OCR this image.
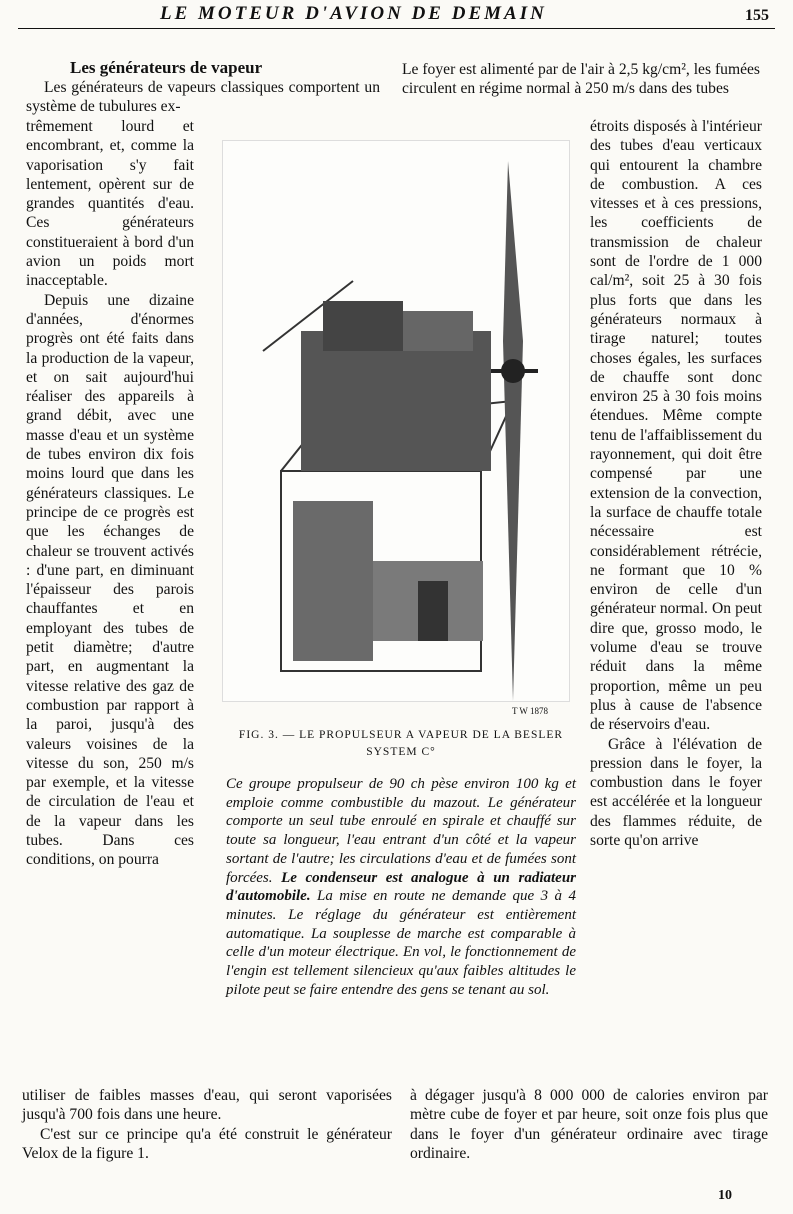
LE MOTEUR D'AVION DE DEMAIN	155
Les générateurs de vapeur

Les générateurs de vapeurs classiques comportent un système de tubulures ex-

trêmement lourd et encombrant, et, comme la vaporisation s'y fait lentement, opèrent sur de grandes quantités d'eau. Ces générateurs constitueraient à bord d'un avion un poids mort inacceptable.

Depuis une dizaine d'années, d'énormes progrès ont été faits dans la production de la vapeur, et on sait aujourd'hui réaliser des appareils à grand débit, avec une masse d'eau et un système de tubes environ dix fois moins lourd que dans les générateurs classiques. Le principe de ce progrès est que les échanges de chaleur se trouvent activés : d'une part, en diminuant l'épaisseur des parois chauffantes et en employant des tubes de petit diamètre; d'autre part, en augmentant la vitesse relative des gaz de combustion par rapport à la paroi, jusqu'à des valeurs voisines de la vitesse du son, 250 m/s par exemple, et la vitesse de circulation de l'eau et de la vapeur dans les tubes. Dans ces conditions, on pourra

Le foyer est alimenté par de l'air à 2,5 kg/cm², les fumées circulent en régime normal à 250 m/s dans des tubes

étroits disposés à l'intérieur des tubes d'eau verticaux qui entourent la chambre de combustion. A ces vitesses et à ces pressions, les coefficients de transmission de chaleur sont de l'ordre de 1 000 cal/m², soit 25 à 30 fois plus forts que dans les générateurs normaux à tirage naturel; toutes choses égales, les surfaces de chauffe sont donc environ 25 à 30 fois moins étendues. Même compte tenu de l'affaiblissement du rayonnement, qui doit être compensé par une extension de la convection, la surface de chauffe totale nécessaire est considérablement rétrécie, ne formant que 10 % environ de celle d'un générateur normal. On peut dire que, grosso modo, le volume d'eau se trouve réduit dans la même proportion, même un peu plus à cause de l'absence de réservoirs d'eau.

Grâce à l'élévation de pression dans le foyer, la combustion dans le foyer est accélérée et la longueur des flammes réduite, de sorte qu'on arrive

T W 1878
FIG. 3. — LE PROPULSEUR A VAPEUR DE LA BESLER SYSTEM C°
Ce groupe propulseur de 90 ch pèse environ 100 kg et emploie comme combustible du mazout. Le générateur comporte un seul tube enroulé en spirale et chauffé sur toute sa longueur, l'eau entrant d'un côté et la vapeur sortant de l'autre; les circulations d'eau et de fumées sont forcées. Le condenseur est analogue à un radiateur d'automobile. La mise en route ne demande que 3 à 4 minutes. Le réglage du générateur est entièrement automatique. La souplesse de marche est comparable à celle d'un moteur électrique. En vol, le fonctionnement de l'engin est tellement silencieux qu'aux faibles altitudes le pilote peut se faire entendre des gens se tenant au sol.

utiliser de faibles masses d'eau, qui seront vaporisées jusqu'à 700 fois dans une heure.

C'est sur ce principe qu'a été construit le générateur Velox de la figure 1.

à dégager jusqu'à 8 000 000 de calories environ par mètre cube de foyer et par heure, soit onze fois plus que dans le foyer d'un générateur ordinaire avec tirage ordinaire.

10
